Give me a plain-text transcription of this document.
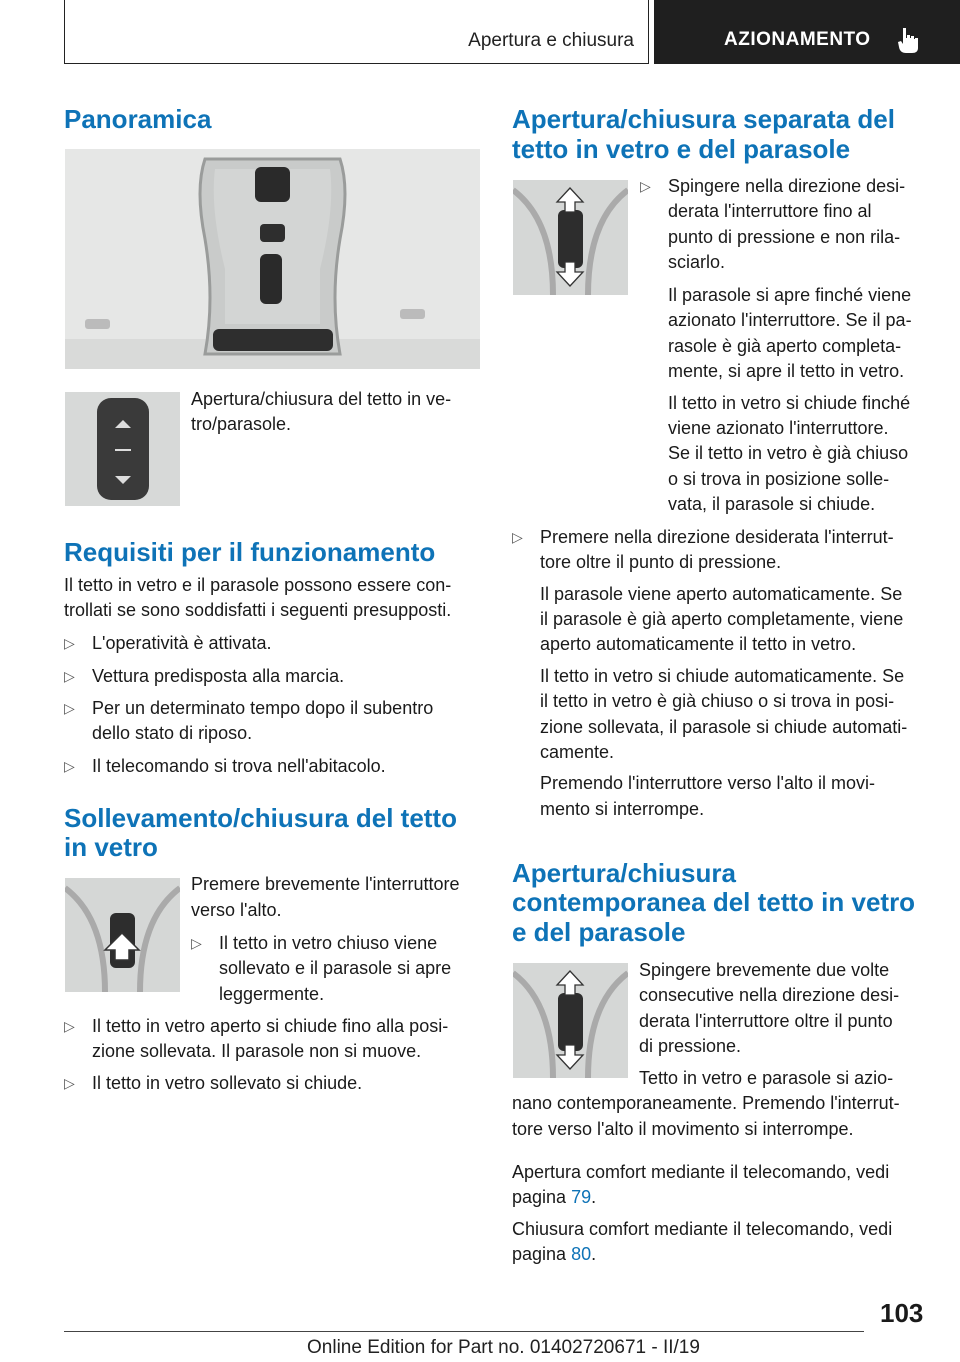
Apertura e chiusura	AZIONAMENTO
Panoramica
Apertura/chiusura del tetto in ve-
tro/parasole.
Requisiti per il funzionamento
Il tetto in vetro e il parasole possono essere con-
trollati se sono soddisfatti i seguenti presupposti.
▷ L'operatività è attivata.
▷ Vettura predisposta alla marcia.
▷ Per un determinato tempo dopo il subentro
dello stato di riposo.
▷ Il telecomando si trova nell'abitacolo.
Sollevamento/chiusura del tetto
in vetro
Premere brevemente l'interruttore
verso l'alto.
▷ Il tetto in vetro chiuso viene
sollevato e il parasole si apre
leggermente.
▷ Il tetto in vetro aperto si chiude fino alla posi-
zione sollevata. Il parasole non si muove.
▷ Il tetto in vetro sollevato si chiude.
Apertura/chiusura separata del
tetto in vetro e del parasole
▷ Spingere nella direzione desi-
derata l'interruttore fino al
punto di pressione e non rila-
sciarlo.
Il parasole si apre finché viene
azionato l'interruttore. Se il pa-
rasole è già aperto completa-
mente, si apre il tetto in vetro.
Il tetto in vetro si chiude finché
viene azionato l'interruttore.
Se il tetto in vetro è già chiuso
o si trova in posizione solle-
vata, il parasole si chiude.
▷ Premere nella direzione desiderata l'interrut-
tore oltre il punto di pressione.
Il parasole viene aperto automaticamente. Se
il parasole è già aperto completamente, viene
aperto automaticamente il tetto in vetro.
Il tetto in vetro si chiude automaticamente. Se
il tetto in vetro è già chiuso o si trova in posi-
zione sollevata, il parasole si chiude automati-
camente.
Premendo l'interruttore verso l'alto il movi-
mento si interrompe.
Apertura/chiusura
contemporanea del tetto in vetro
e del parasole
Spingere brevemente due volte
consecutive nella direzione desi-
derata l'interruttore oltre il punto
di pressione.
Tetto in vetro e parasole si azio-
nano contemporaneamente. Premendo l'interrut-
tore verso l'alto il movimento si interrompe.
Apertura comfort mediante il telecomando, vedi
pagina 79.
Chiusura comfort mediante il telecomando, vedi
pagina 80.
103
Online Edition for Part no. 01402720671 - II/19
